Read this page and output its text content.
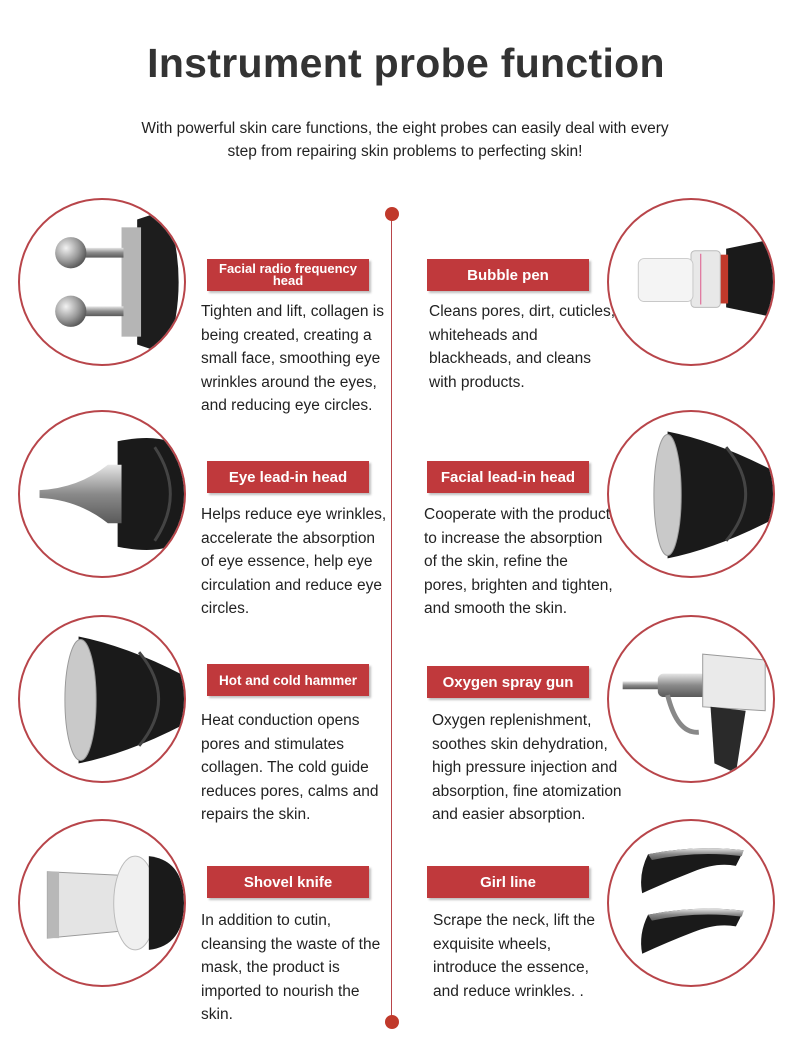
Instrument probe function
With powerful skin care functions, the eight probes can easily deal with every step from repairing skin problems to perfecting skin!
Facial radio frequency head
Tighten and lift, collagen is being created, creating a small face, smoothing eye wrinkles around the eyes, and reducing eye circles.
Bubble pen
Cleans pores, dirt, cuticles, whiteheads and blackheads, and cleans with products.
Eye lead-in head
Helps reduce eye wrinkles, accelerate the absorption of eye essence, help eye circulation and reduce eye circles.
Facial lead-in head
Cooperate with the product to increase the absorption of the skin, refine the pores, brighten and tighten, and smooth the skin.
Hot and cold hammer
Heat conduction opens pores and stimulates collagen. The cold guide reduces pores, calms and repairs the skin.
Oxygen spray gun
Oxygen replenishment, soothes skin dehydration, high pressure injection and absorption, fine atomization and easier absorption.
Shovel knife
In addition to cutin, cleansing the waste of the mask, the product is imported to nourish the skin.
Girl line
Scrape the neck, lift the exquisite wheels, introduce the essence, and reduce wrinkles. .
